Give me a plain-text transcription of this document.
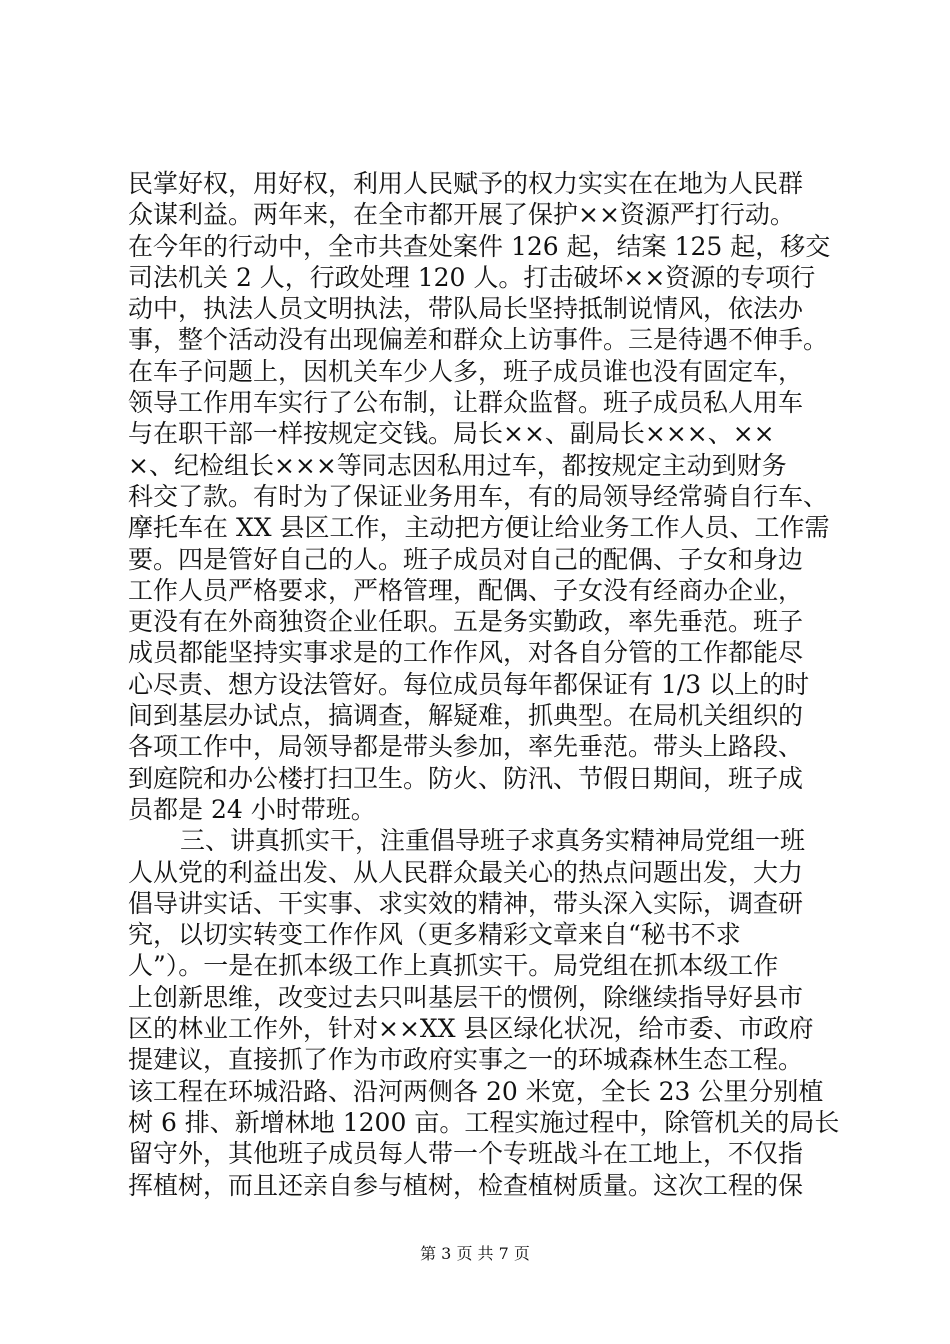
民掌好权，用好权，利用人民赋予的权力实实在在地为人民群
众谋利益。两年来，在全市都开展了保护××资源严打行动。
在今年的行动中，全市共查处案件 126 起，结案 125 起，移交
司法机关 2 人，行政处理 120 人。打击破坏××资源的专项行
动中，执法人员文明执法，带队局长坚持抵制说情风，依法办
事，整个活动没有出现偏差和群众上访事件。三是待遇不伸手。
在车子问题上，因机关车少人多，班子成员谁也没有固定车，
领导工作用车实行了公布制，让群众监督。班子成员私人用车
与在职干部一样按规定交钱。局长××、副局长×××、××
×、纪检组长×××等同志因私用过车，都按规定主动到财务
科交了款。有时为了保证业务用车，有的局领导经常骑自行车、
摩托车在 XX 县区工作，主动把方便让给业务工作人员、工作需
要。四是管好自己的人。班子成员对自己的配偶、子女和身边
工作人员严格要求，严格管理，配偶、子女没有经商办企业，
更没有在外商独资企业任职。五是务实勤政，率先垂范。班子
成员都能坚持实事求是的工作作风，对各自分管的工作都能尽
心尽责、想方设法管好。每位成员每年都保证有 1/3 以上的时
间到基层办试点，搞调查，解疑难，抓典型。在局机关组织的
各项工作中，局领导都是带头参加，率先垂范。带头上路段、
到庭院和办公楼打扫卫生。防火、防汛、节假日期间，班子成
员都是 24 小时带班。
三、讲真抓实干，注重倡导班子求真务实精神局党组一班
人从党的利益出发、从人民群众最关心的热点问题出发，大力
倡导讲实话、干实事、求实效的精神，带头深入实际，调查研
究，以切实转变工作作风（更多精彩文章来自“秘书不求
人”）。一是在抓本级工作上真抓实干。局党组在抓本级工作
上创新思维，改变过去只叫基层干的惯例，除继续指导好县市
区的林业工作外，针对××XX 县区绿化状况，给市委、市政府
提建议，直接抓了作为市政府实事之一的环城森林生态工程。
该工程在环城沿路、沿河两侧各 20 米宽，全长 23 公里分别植
树 6 排、新增林地 1200 亩。工程实施过程中，除管机关的局长
留守外，其他班子成员每人带一个专班战斗在工地上，不仅指
挥植树，而且还亲自参与植树，检查植树质量。这次工程的保
第 3 页 共 7 页
